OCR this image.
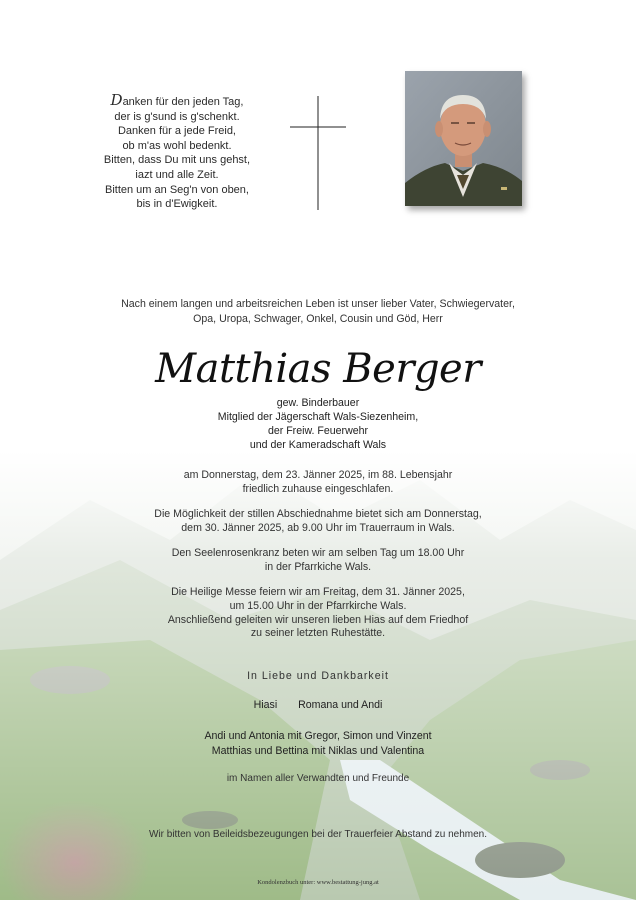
Danken für den jeden Tag,
der is g'sund is g'schenkt.
Danken für a jede Freid,
ob m'as wohl bedenkt.
Bitten, dass Du mit uns gehst,
iazt und alle Zeit.
Bitten um an Seg'n von oben,
bis in d'Ewigkeit.
Nach einem langen und arbeitsreichen Leben ist unser lieber Vater, Schwiegervater,
Opa, Uropa, Schwager, Onkel, Cousin und Göd, Herr
Matthias Berger
gew. Binderbauer
Mitglied der Jägerschaft Wals-Siezenheim,
der Freiw. Feuerwehr
und der Kameradschaft Wals
am Donnerstag, dem 23. Jänner 2025, im 88. Lebensjahr
friedlich zuhause eingeschlafen.
Die Möglichkeit der stillen Abschiednahme bietet sich am Donnerstag,
dem 30. Jänner 2025, ab 9.00 Uhr im Trauerraum in Wals.
Den Seelenrosenkranz beten wir am selben Tag um 18.00 Uhr
in der Pfarrkiche Wals.
Die Heilige Messe feiern wir am Freitag, dem 31. Jänner 2025,
um 15.00 Uhr in der Pfarrkirche Wals.
Anschließend geleiten wir unseren lieben Hias auf dem Friedhof
zu seiner letzten Ruhestätte.
In Liebe und Dankbarkeit
Hiasi Romana und Andi
Andi und Antonia mit Gregor, Simon und Vinzent
Matthias und Bettina mit Niklas und Valentina
im Namen aller Verwandten und Freunde
Wir bitten von Beileidsbezeugungen bei der Trauerfeier Abstand zu nehmen.
Kondolenzbuch unter: www.bestattung-jung.at
